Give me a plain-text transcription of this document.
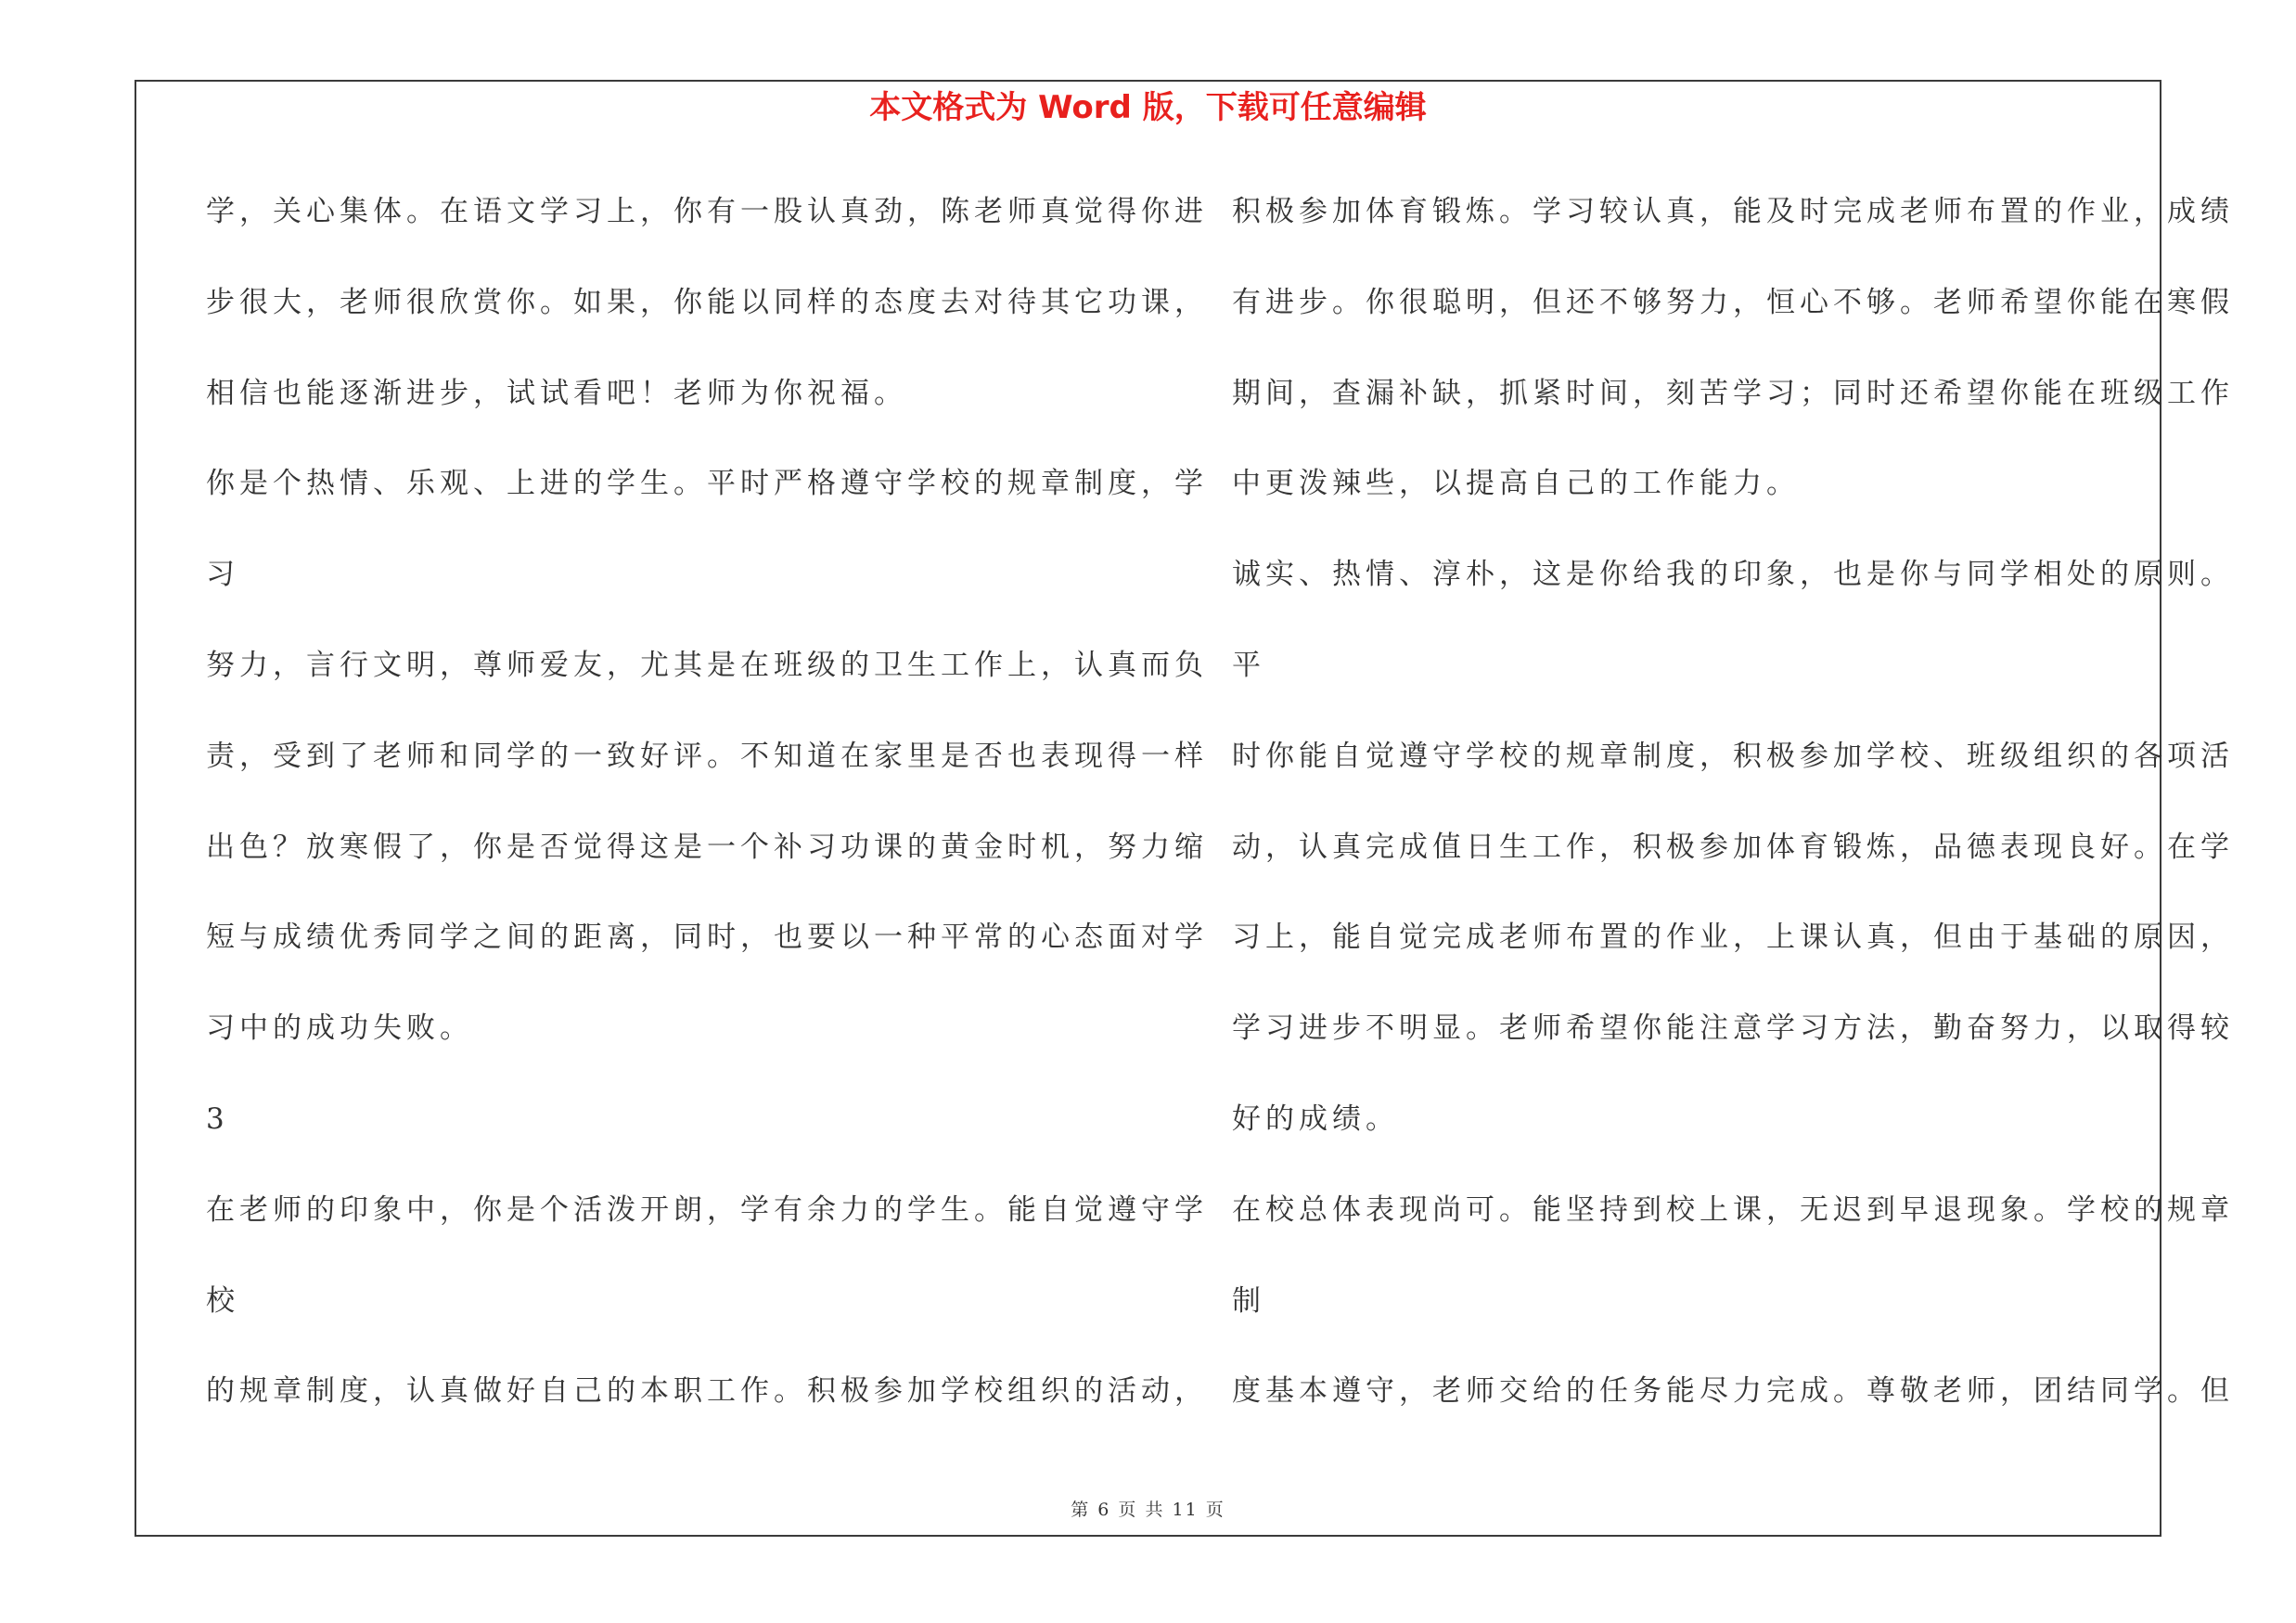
本文格式为 Word 版，下载可任意编辑
学，关心集体。在语文学习上，你有一股认真劲，陈老师真觉得你进
步很大，老师很欣赏你。如果，你能以同样的态度去对待其它功课，
相信也能逐渐进步，试试看吧！老师为你祝福。
你是个热情、乐观、上进的学生。平时严格遵守学校的规章制度，学
习
努力，言行文明，尊师爱友，尤其是在班级的卫生工作上，认真而负
责，受到了老师和同学的一致好评。不知道在家里是否也表现得一样
出色？放寒假了，你是否觉得这是一个补习功课的黄金时机，努力缩
短与成绩优秀同学之间的距离，同时，也要以一种平常的心态面对学
习中的成功失败。
3
在老师的印象中，你是个活泼开朗，学有余力的学生。能自觉遵守学
校
的规章制度，认真做好自己的本职工作。积极参加学校组织的活动，
积极参加体育锻炼。学习较认真，能及时完成老师布置的作业，成绩
有进步。你很聪明，但还不够努力，恒心不够。老师希望你能在寒假
期间，查漏补缺，抓紧时间，刻苦学习；同时还希望你能在班级工作
中更泼辣些，以提高自己的工作能力。
诚实、热情、淳朴，这是你给我的印象，也是你与同学相处的原则。
平
时你能自觉遵守学校的规章制度，积极参加学校、班级组织的各项活
动，认真完成值日生工作，积极参加体育锻炼，品德表现良好。在学
习上，能自觉完成老师布置的作业，上课认真，但由于基础的原因，
学习进步不明显。老师希望你能注意学习方法，勤奋努力，以取得较
好的成绩。
在校总体表现尚可。能坚持到校上课，无迟到早退现象。学校的规章
制
度基本遵守，老师交给的任务能尽力完成。尊敬老师，团结同学。但
第 6 页 共 11 页
